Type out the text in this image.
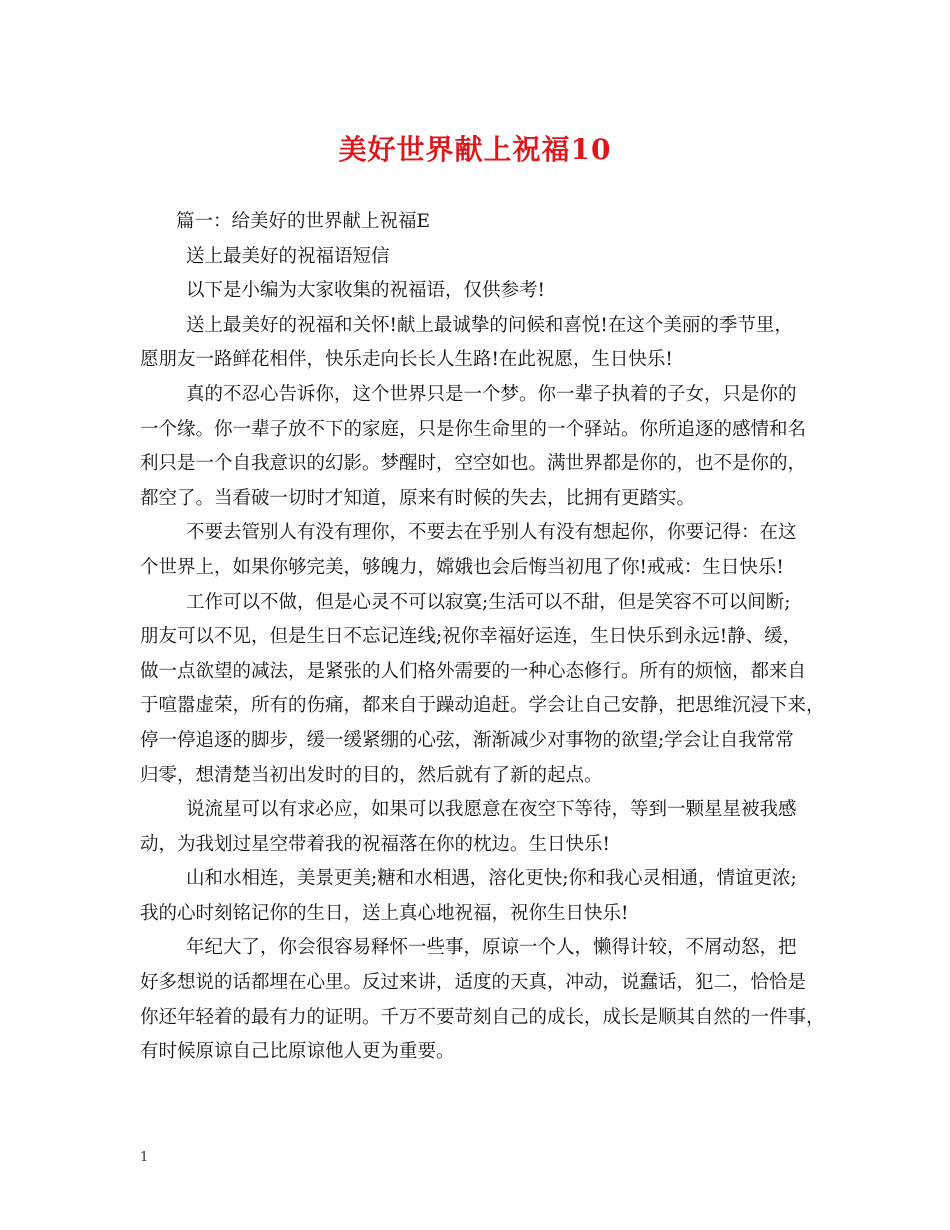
美好世界献上祝福10
篇一：给美好的世界献上祝福E
送上最美好的祝福语短信
以下是小编为大家收集的祝福语，仅供参考!
送上最美好的祝福和关怀!献上最诚挚的问候和喜悦!在这个美丽的季节里，
愿朋友一路鲜花相伴，快乐走向长长人生路!在此祝愿，生日快乐!
真的不忍心告诉你，这个世界只是一个梦。你一辈子执着的子女，只是你的
一个缘。你一辈子放不下的家庭，只是你生命里的一个驿站。你所追逐的感情和名
利只是一个自我意识的幻影。梦醒时，空空如也。满世界都是你的，也不是你的，
都空了。当看破一切时才知道，原来有时候的失去，比拥有更踏实。
不要去管别人有没有理你，不要去在乎别人有没有想起你，你要记得：在这
个世界上，如果你够完美，够魄力，嫦娥也会后悔当初甩了你!戒戒：生日快乐!
工作可以不做，但是心灵不可以寂寞;生活可以不甜，但是笑容不可以间断;
朋友可以不见，但是生日不忘记连线;祝你幸福好运连，生日快乐到永远!静、缓，
做一点欲望的减法，是紧张的人们格外需要的一种心态修行。所有的烦恼，都来自
于喧嚣虚荣，所有的伤痛，都来自于躁动追赶。学会让自己安静，把思维沉浸下来，
停一停追逐的脚步，缓一缓紧绷的心弦，渐渐减少对事物的欲望;学会让自我常常
归零，想清楚当初出发时的目的，然后就有了新的起点。
说流星可以有求必应，如果可以我愿意在夜空下等待，等到一颗星星被我感
动，为我划过星空带着我的祝福落在你的枕边。生日快乐!
山和水相连，美景更美;糖和水相遇，溶化更快;你和我心灵相通，情谊更浓;
我的心时刻铭记你的生日，送上真心地祝福，祝你生日快乐!
年纪大了，你会很容易释怀一些事，原谅一个人，懒得计较，不屑动怒，把
好多想说的话都埋在心里。反过来讲，适度的天真，冲动，说蠢话，犯二，恰恰是
你还年轻着的最有力的证明。千万不要苛刻自己的成长，成长是顺其自然的一件事，
有时候原谅自己比原谅他人更为重要。
1
